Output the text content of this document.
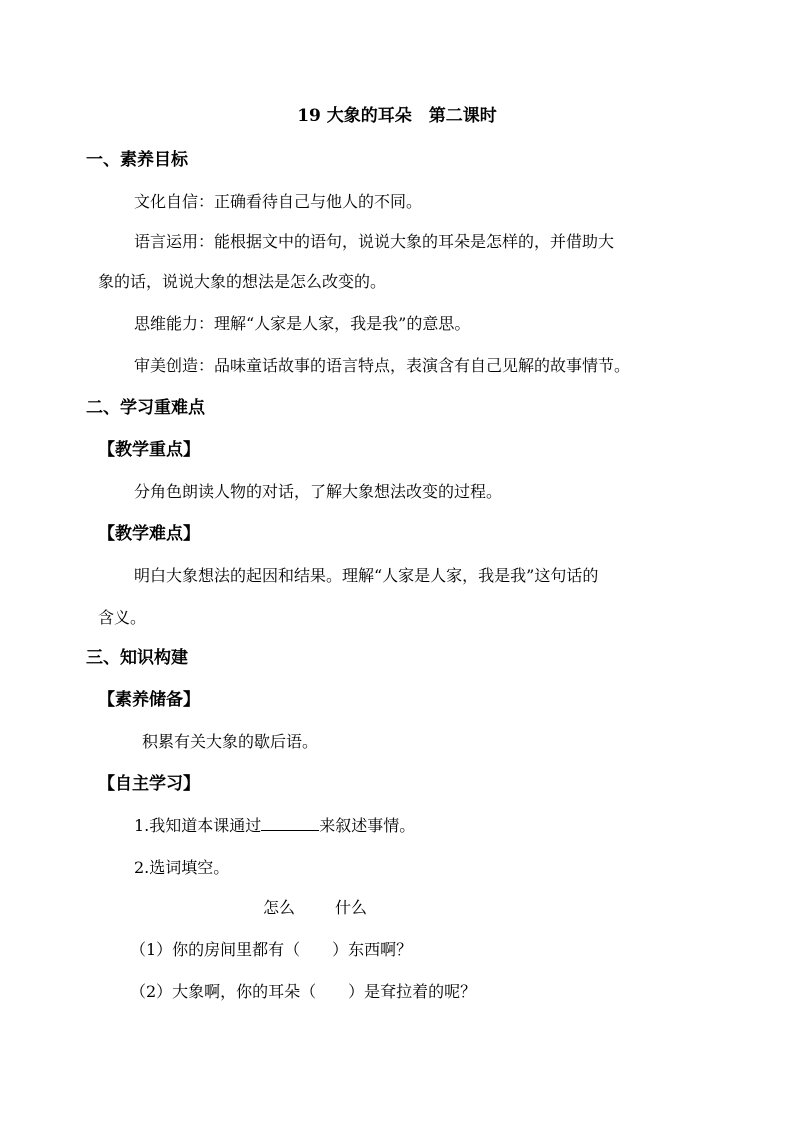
19 大象的耳朵　第二课时
一、素养目标
文化自信：正确看待自己与他人的不同。
语言运用：能根据文中的语句，说说大象的耳朵是怎样的，并借助大
象的话，说说大象的想法是怎么改变的。
思维能力：理解“人家是人家，我是我”的意思。
审美创造：品味童话故事的语言特点，表演含有自己见解的故事情节。
二、学习重难点
【教学重点】
分角色朗读人物的对话，了解大象想法改变的过程。
【教学难点】
明白大象想法的起因和结果。理解“人家是人家，我是我”这句话的
含义。
三、知识构建
【素养储备】
积累有关大象的歇后语。
【自主学习】
1.我知道本课通过	来叙述事情。
2.选词填空。
怎么	什么
（1）你的房间里都有（　　）东西啊？
（2）大象啊，你的耳朵（　　）是耷拉着的呢？
